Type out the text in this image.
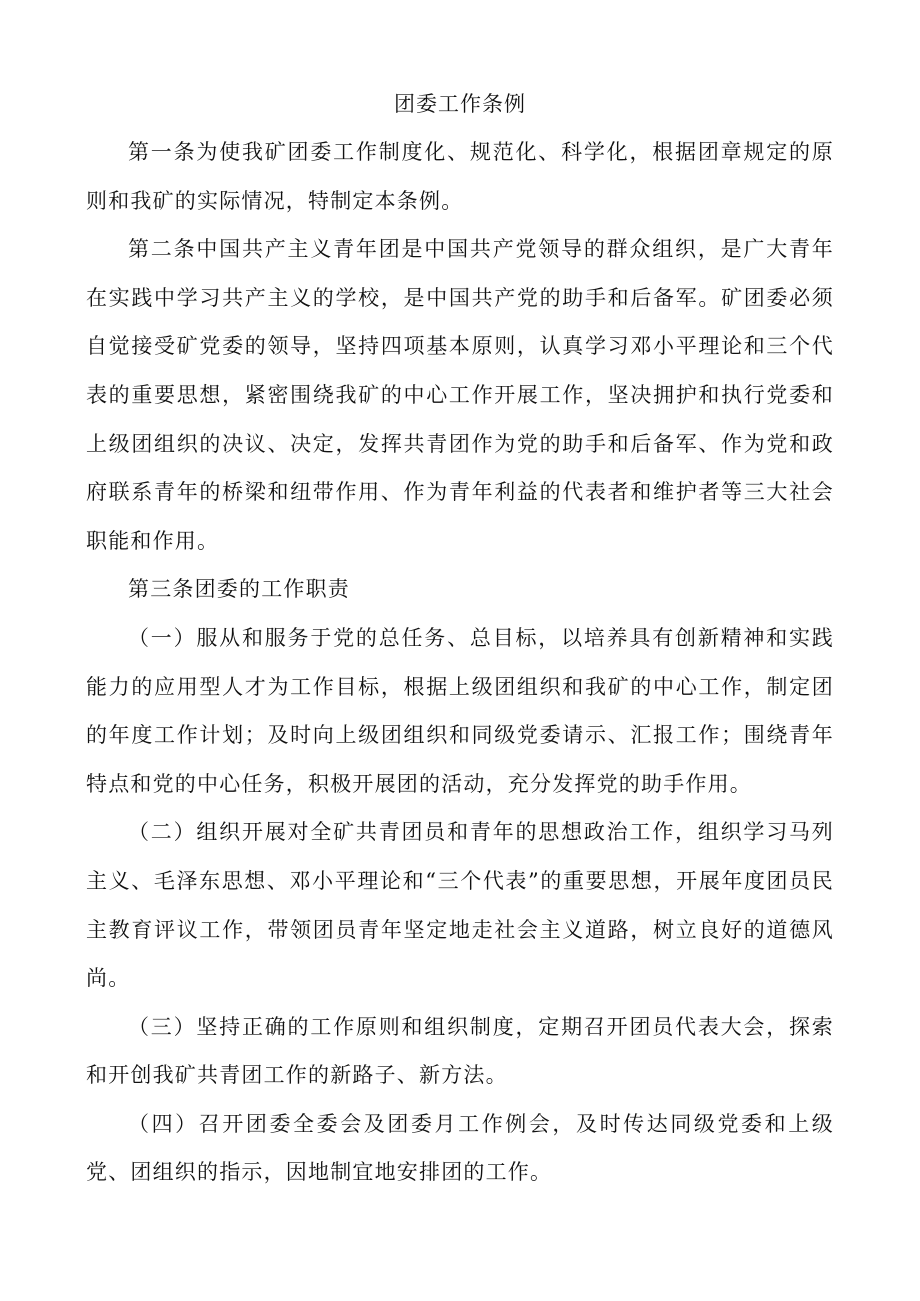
团委工作条例

第一条为使我矿团委工作制度化、规范化、科学化，根据团章规定的原则和我矿的实际情况，特制定本条例。

第二条中国共产主义青年团是中国共产党领导的群众组织，是广大青年在实践中学习共产主义的学校，是中国共产党的助手和后备军。矿团委必须自觉接受矿党委的领导，坚持四项基本原则，认真学习邓小平理论和三个代表的重要思想，紧密围绕我矿的中心工作开展工作，坚决拥护和执行党委和上级团组织的决议、决定，发挥共青团作为党的助手和后备军、作为党和政府联系青年的桥梁和纽带作用、作为青年利益的代表者和维护者等三大社会职能和作用。

第三条团委的工作职责

（一）服从和服务于党的总任务、总目标，以培养具有创新精神和实践能力的应用型人才为工作目标，根据上级团组织和我矿的中心工作，制定团的年度工作计划；及时向上级团组织和同级党委请示、汇报工作；围绕青年特点和党的中心任务，积极开展团的活动，充分发挥党的助手作用。

（二）组织开展对全矿共青团员和青年的思想政治工作，组织学习马列主义、毛泽东思想、邓小平理论和“三个代表”的重要思想，开展年度团员民主教育评议工作，带领团员青年坚定地走社会主义道路，树立良好的道德风尚。

（三）坚持正确的工作原则和组织制度，定期召开团员代表大会，探索和开创我矿共青团工作的新路子、新方法。

（四）召开团委全委会及团委月工作例会，及时传达同级党委和上级党、团组织的指示，因地制宜地安排团的工作。
